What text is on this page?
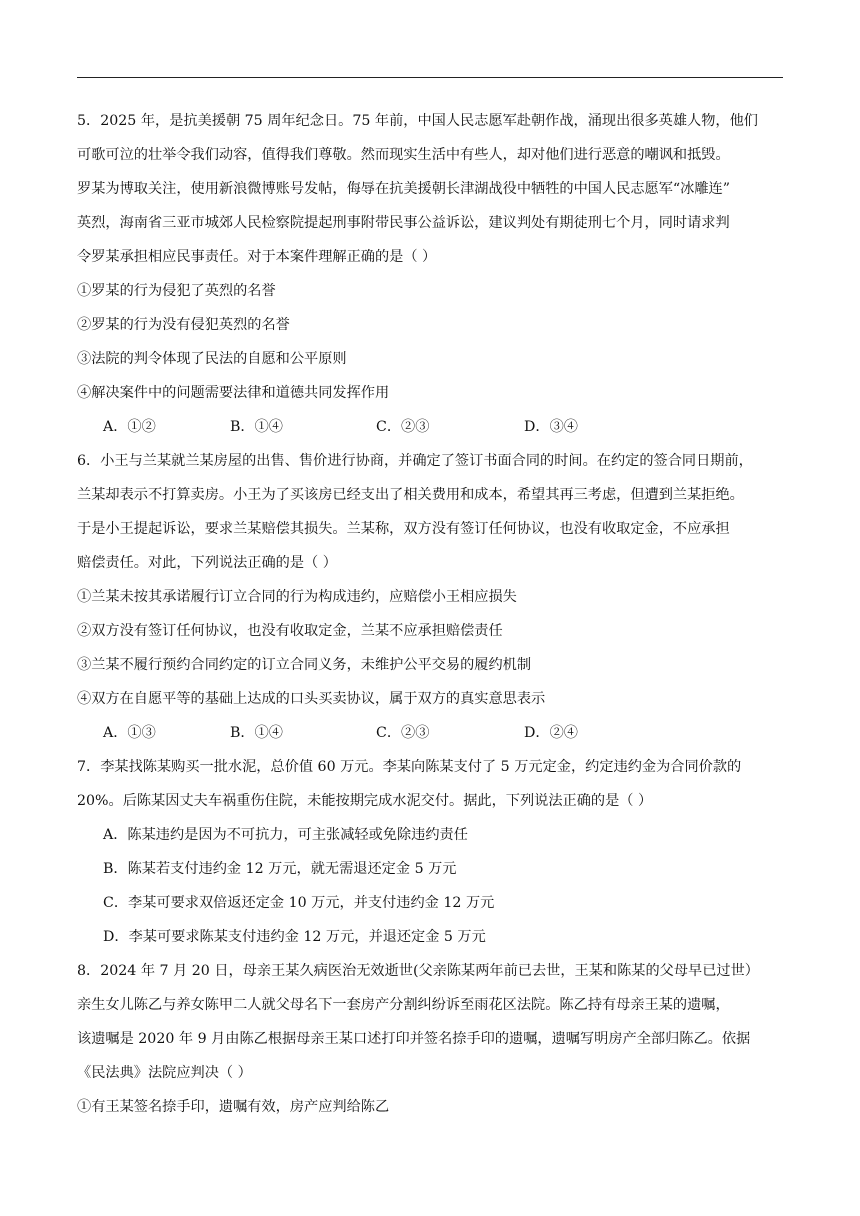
5．2025 年，是抗美援朝 75 周年纪念日。75 年前，中国人民志愿军赴朝作战，涌现出很多英雄人物，他们
可歌可泣的壮举令我们动容，值得我们尊敬。然而现实生活中有些人，却对他们进行恶意的嘲讽和抵毁。
罗某为博取关注，使用新浪微博账号发帖，侮辱在抗美援朝长津湖战役中牺牲的中国人民志愿军“冰雕连”
英烈，海南省三亚市城郊人民检察院提起刑事附带民事公益诉讼，建议判处有期徒刑七个月，同时请求判
令罗某承担相应民事责任。对于本案件理解正确的是（ ）
①罗某的行为侵犯了英烈的名誉
②罗某的行为没有侵犯英烈的名誉
③法院的判令体现了民法的自愿和公平原则
④解决案件中的问题需要法律和道德共同发挥作用
A．①②	B．①④	C．②③	D．③④
6．小王与兰某就兰某房屋的出售、售价进行协商，并确定了签订书面合同的时间。在约定的签合同日期前，
兰某却表示不打算卖房。小王为了买该房已经支出了相关费用和成本，希望其再三考虑，但遭到兰某拒绝。
于是小王提起诉讼，要求兰某赔偿其损失。兰某称，双方没有签订任何协议，也没有收取定金，不应承担
赔偿责任。对此，下列说法正确的是（ ）
①兰某未按其承诺履行订立合同的行为构成违约，应赔偿小王相应损失
②双方没有签订任何协议，也没有收取定金，兰某不应承担赔偿责任
③兰某不履行预约合同约定的订立合同义务，未维护公平交易的履约机制
④双方在自愿平等的基础上达成的口头买卖协议，属于双方的真实意思表示
A．①③	B．①④	C．②③	D．②④
7．李某找陈某购买一批水泥，总价值 60 万元。李某向陈某支付了 5 万元定金，约定违约金为合同价款的
20%。后陈某因丈夫车祸重伤住院，未能按期完成水泥交付。据此，下列说法正确的是（ ）
A．陈某违约是因为不可抗力，可主张减轻或免除违约责任
B．陈某若支付违约金 12 万元，就无需退还定金 5 万元
C．李某可要求双倍返还定金 10 万元，并支付违约金 12 万元
D．李某可要求陈某支付违约金 12 万元，并退还定金 5 万元
8．2024 年 7 月 20 日，母亲王某久病医治无效逝世(父亲陈某两年前已去世，王某和陈某的父母早已过世）
亲生女儿陈乙与养女陈甲二人就父母名下一套房产分割纠纷诉至雨花区法院。陈乙持有母亲王某的遗嘱，
该遗嘱是 2020 年 9 月由陈乙根据母亲王某口述打印并签名捺手印的遗嘱，遗嘱写明房产全部归陈乙。依据
《民法典》法院应判决（ ）
①有王某签名捺手印，遗嘱有效，房产应判给陈乙
